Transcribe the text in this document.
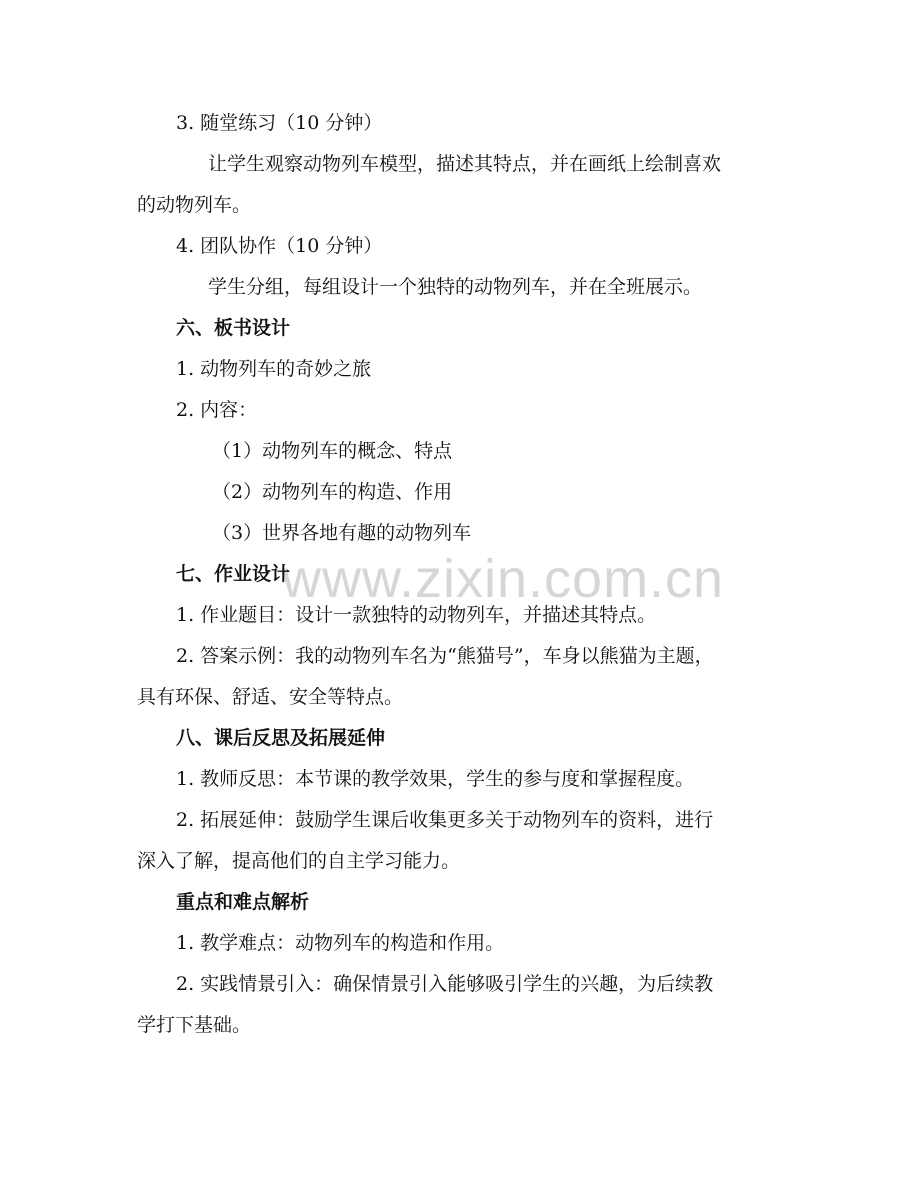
www.zixin.com.cn
3. 随堂练习（10 分钟）
让学生观察动物列车模型，描述其特点，并在画纸上绘制喜欢
的动物列车。
4. 团队协作（10 分钟）
学生分组，每组设计一个独特的动物列车，并在全班展示。
六、板书设计
1. 动物列车的奇妙之旅
2. 内容：
（1）动物列车的概念、特点
（2）动物列车的构造、作用
（3）世界各地有趣的动物列车
七、作业设计
1. 作业题目：设计一款独特的动物列车，并描述其特点。
2. 答案示例：我的动物列车名为“熊猫号”，车身以熊猫为主题，
具有环保、舒适、安全等特点。
八、课后反思及拓展延伸
1. 教师反思：本节课的教学效果，学生的参与度和掌握程度。
2. 拓展延伸：鼓励学生课后收集更多关于动物列车的资料，进行
深入了解，提高他们的自主学习能力。
重点和难点解析
1. 教学难点：动物列车的构造和作用。
2. 实践情景引入：确保情景引入能够吸引学生的兴趣，为后续教
学打下基础。
